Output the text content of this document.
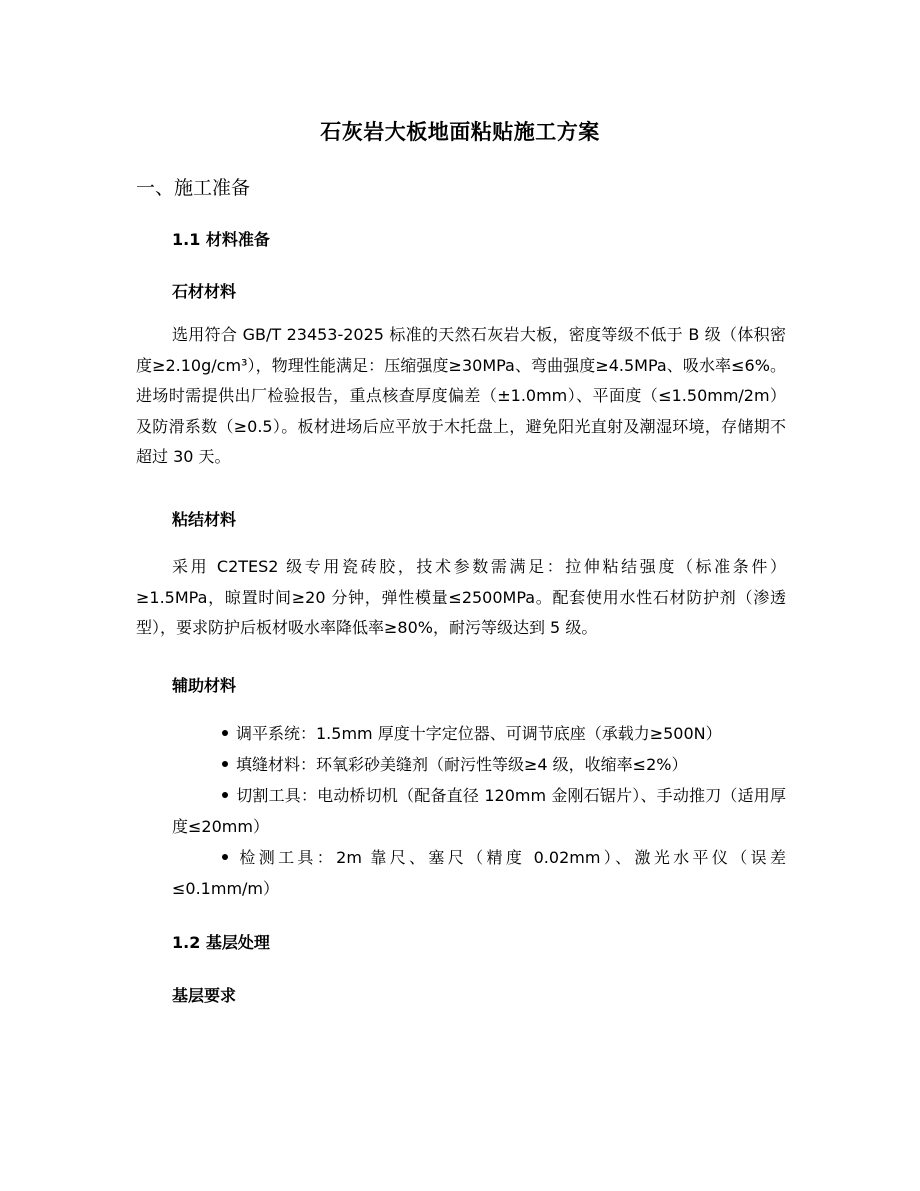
石灰岩大板地面粘贴施工方案
一、施工准备
1.1 材料准备
石材材料
选用符合 GB/T 23453-2025 标准的天然石灰岩大板，密度等级不低于 B 级（体积密度≥2.10g/cm³），物理性能满足：压缩强度≥30MPa、弯曲强度≥4.5MPa、吸水率≤6%。进场时需提供出厂检验报告，重点核查厚度偏差（±1.0mm）、平面度（≤1.50mm/2m）及防滑系数（≥0.5）。板材进场后应平放于木托盘上，避免阳光直射及潮湿环境，存储期不超过 30 天。
粘结材料
采用 C2TES2 级专用瓷砖胶，技术参数需满足：拉伸粘结强度（标准条件）≥1.5MPa，晾置时间≥20 分钟，弹性模量≤2500MPa。配套使用水性石材防护剂（渗透型），要求防护后板材吸水率降低率≥80%，耐污等级达到 5 级。
辅助材料
调平系统：1.5mm 厚度十字定位器、可调节底座（承载力≥500N）
填缝材料：环氧彩砂美缝剂（耐污性等级≥4 级，收缩率≤2%）
切割工具：电动桥切机（配备直径 120mm 金刚石锯片）、手动推刀（适用厚度≤20mm）
检测工具：2m 靠尺、塞尺（精度 0.02mm）、激光水平仪（误差≤0.1mm/m）
1.2 基层处理
基层要求
